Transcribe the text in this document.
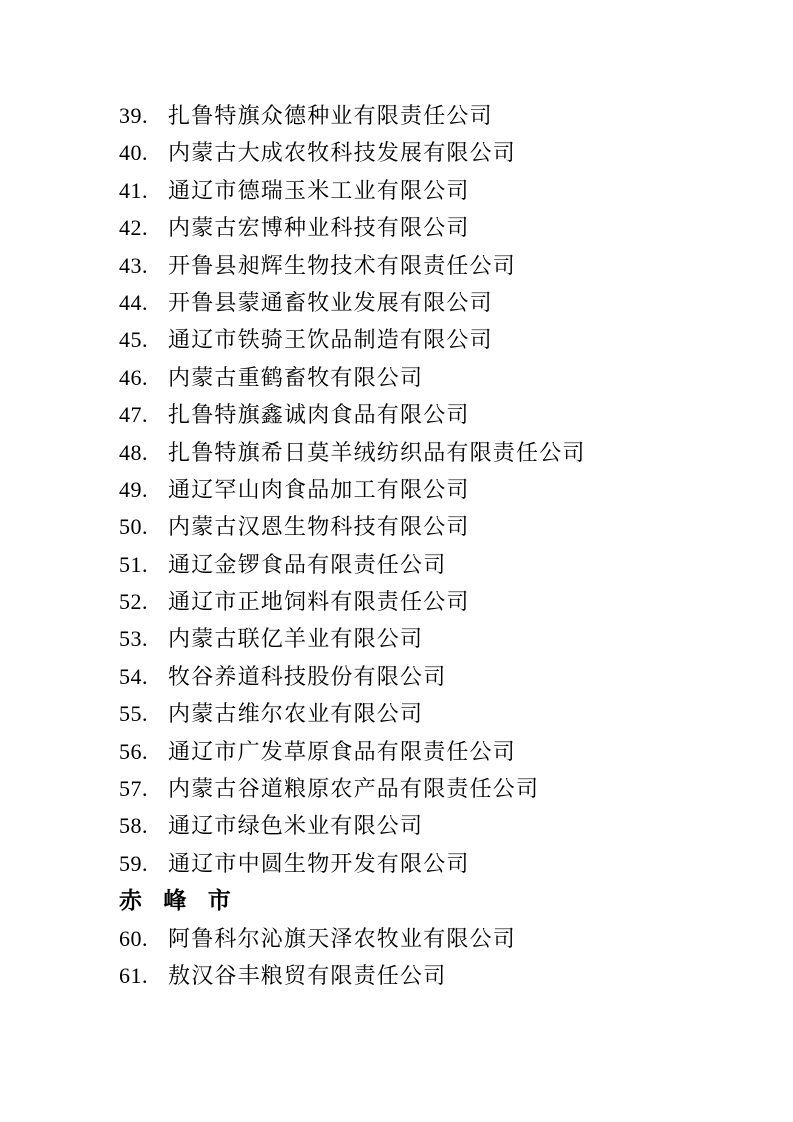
39. 扎鲁特旗众德种业有限责任公司
40. 内蒙古大成农牧科技发展有限公司
41. 通辽市德瑞玉米工业有限公司
42. 内蒙古宏博种业科技有限公司
43. 开鲁县昶辉生物技术有限责任公司
44. 开鲁县蒙通畜牧业发展有限公司
45. 通辽市铁骑王饮品制造有限公司
46. 内蒙古重鹤畜牧有限公司
47. 扎鲁特旗鑫诚肉食品有限公司
48. 扎鲁特旗希日莫羊绒纺织品有限责任公司
49. 通辽罕山肉食品加工有限公司
50. 内蒙古汉恩生物科技有限公司
51. 通辽金锣食品有限责任公司
52. 通辽市正地饲料有限责任公司
53. 内蒙古联亿羊业有限公司
54. 牧谷养道科技股份有限公司
55. 内蒙古维尔农业有限公司
56. 通辽市广发草原食品有限责任公司
57. 内蒙古谷道粮原农产品有限责任公司
58. 通辽市绿色米业有限公司
59. 通辽市中圆生物开发有限公司
赤 峰 市
60. 阿鲁科尔沁旗天泽农牧业有限公司
61. 敖汉谷丰粮贸有限责任公司
